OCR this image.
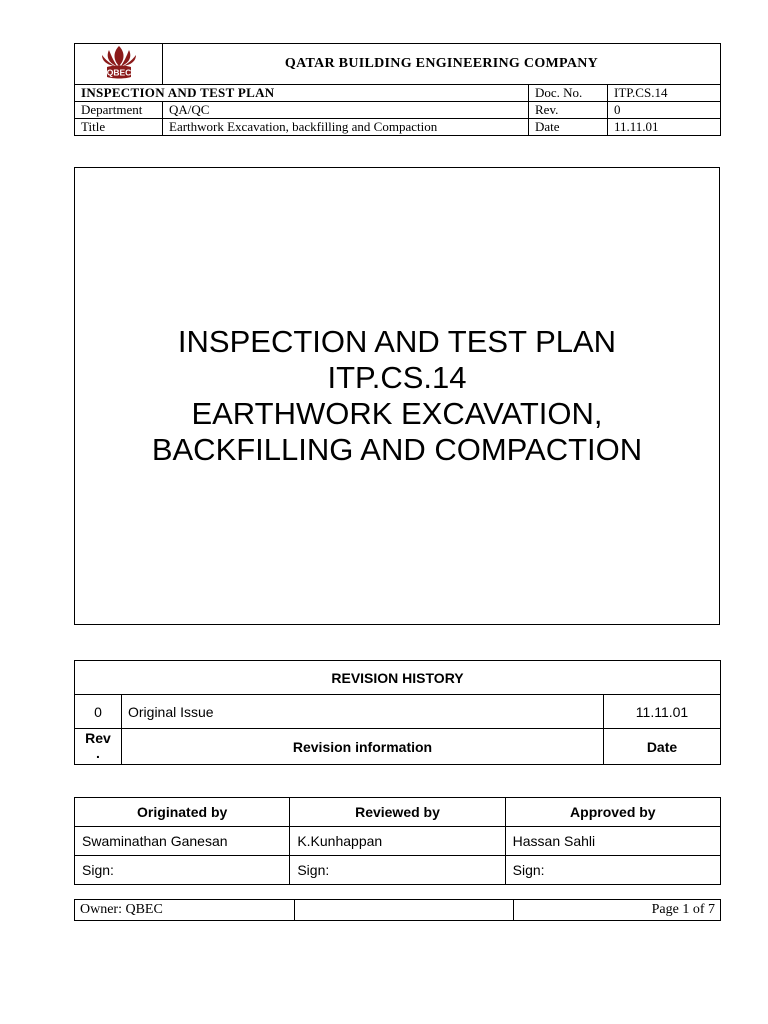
QBEC	QATAR BUILDING ENGINEERING COMPANY		
INSPECTION AND TEST PLAN		Doc. No.	ITP.CS.14
Department	QA/QC	Rev.	0
Title	Earthwork Excavation, backfilling and Compaction	Date	11.11.01
INSPECTION AND TEST PLAN
ITP.CS.14
EARTHWORK EXCAVATION,
BACKFILLING AND COMPACTION
REVISION HISTORY		
0	Original Issue	11.11.01
Rev
.	Revision information	Date
Originated by	Reviewed by	Approved by
Swaminathan Ganesan	K.Kunhappan	Hassan Sahli
Sign:	Sign:	Sign:
Owner: QBEC		Page 1 of 7
